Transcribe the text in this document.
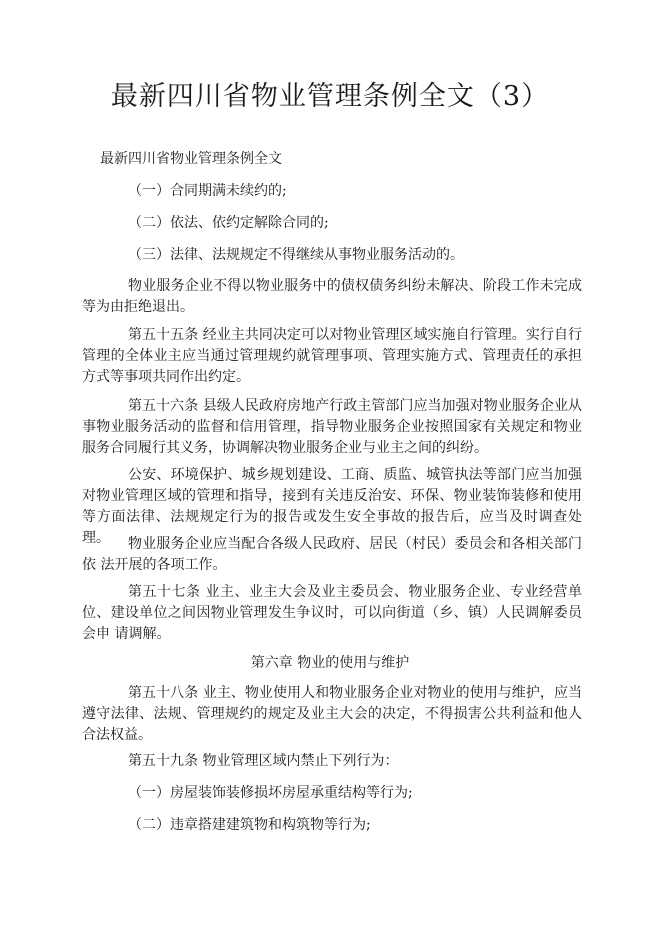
最新四川省物业管理条例全文（3）
最新四川省物业管理条例全文
（一）合同期满未续约的;
（二）依法、依约定解除合同的;
（三）法律、法规规定不得继续从事物业服务活动的。

物业服务企业不得以物业服务中的债权债务纠纷未解决、阶段工作未完成等为由拒绝退出。

第五十五条 经业主共同决定可以对物业管理区域实施自行管理。实行自行管理的全体业主应当通过管理规约就管理事项、管理实施方式、管理责任的承担方式等事项共同作出约定。

第五十六条 县级人民政府房地产行政主管部门应当加强对物业服务企业从事物业服务活动的监督和信用管理，指导物业服务企业按照国家有关规定和物业服务合同履行其义务，协调解决物业服务企业与业主之间的纠纷。

公安、环境保护、城乡规划建设、工商、质监、城管执法等部门应当加强对物业管理区域的管理和指导，接到有关违反治安、环保、物业装饰装修和使用等方面法律、法规规定行为的报告或发生安全事故的报告后，应当及时调查处理。	物业服务企业应当配合各级人民政府、居民（村民）委员会和各相关部门依 法开展的各项工作。

第五十七条 业主、业主大会及业主委员会、物业服务企业、专业经营单位、建设单位之间因物业管理发生争议时，可以向街道（乡、镇）人民调解委员会申 请调解。

第六章 物业的使用与维护

第五十八条 业主、物业使用人和物业服务企业对物业的使用与维护，应当遵守法律、法规、管理规约的规定及业主大会的决定，不得损害公共利益和他人合法权益。

第五十九条 物业管理区域内禁止下列行为：
（一）房屋装饰装修损坏房屋承重结构等行为;
（二）违章搭建建筑物和构筑物等行为;
